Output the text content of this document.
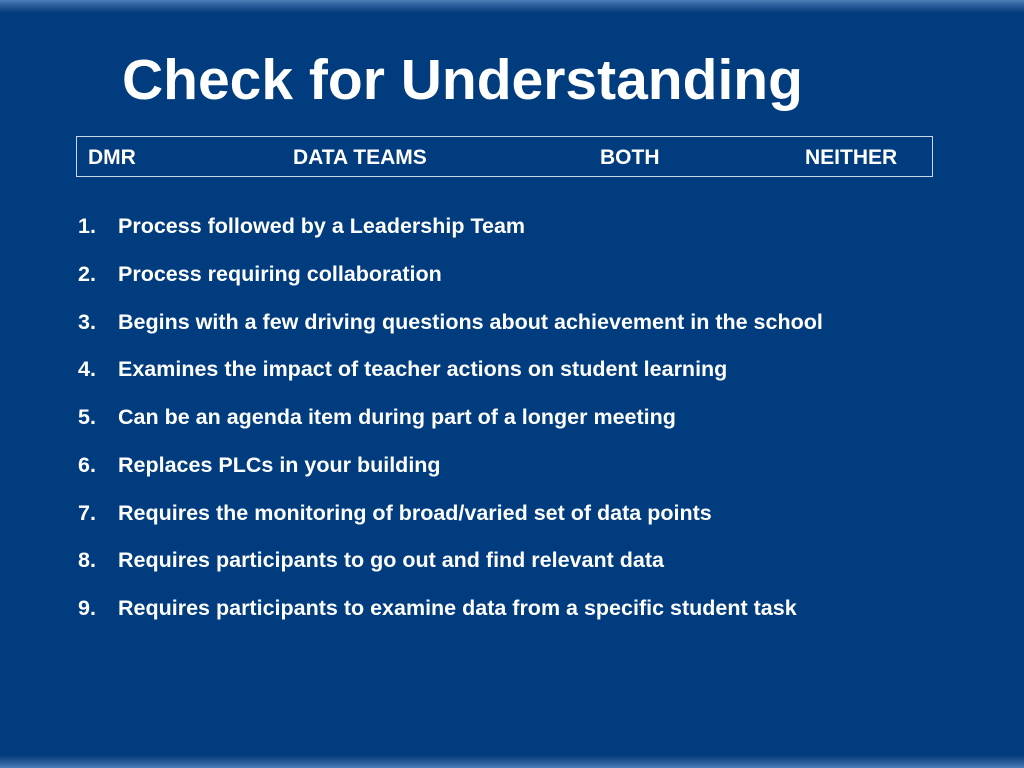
Check for Understanding
DMR	DATA TEAMS	BOTH	NEITHER
1. Process followed by a Leadership Team
2. Process requiring collaboration
3. Begins with a few driving questions about achievement in the school
4. Examines the impact of teacher actions on student learning
5. Can be an agenda item during part of a longer meeting
6. Replaces PLCs in your building
7. Requires the monitoring of broad/varied set of data points
8. Requires participants to go out and find relevant data
9. Requires participants to examine data from a specific student task
